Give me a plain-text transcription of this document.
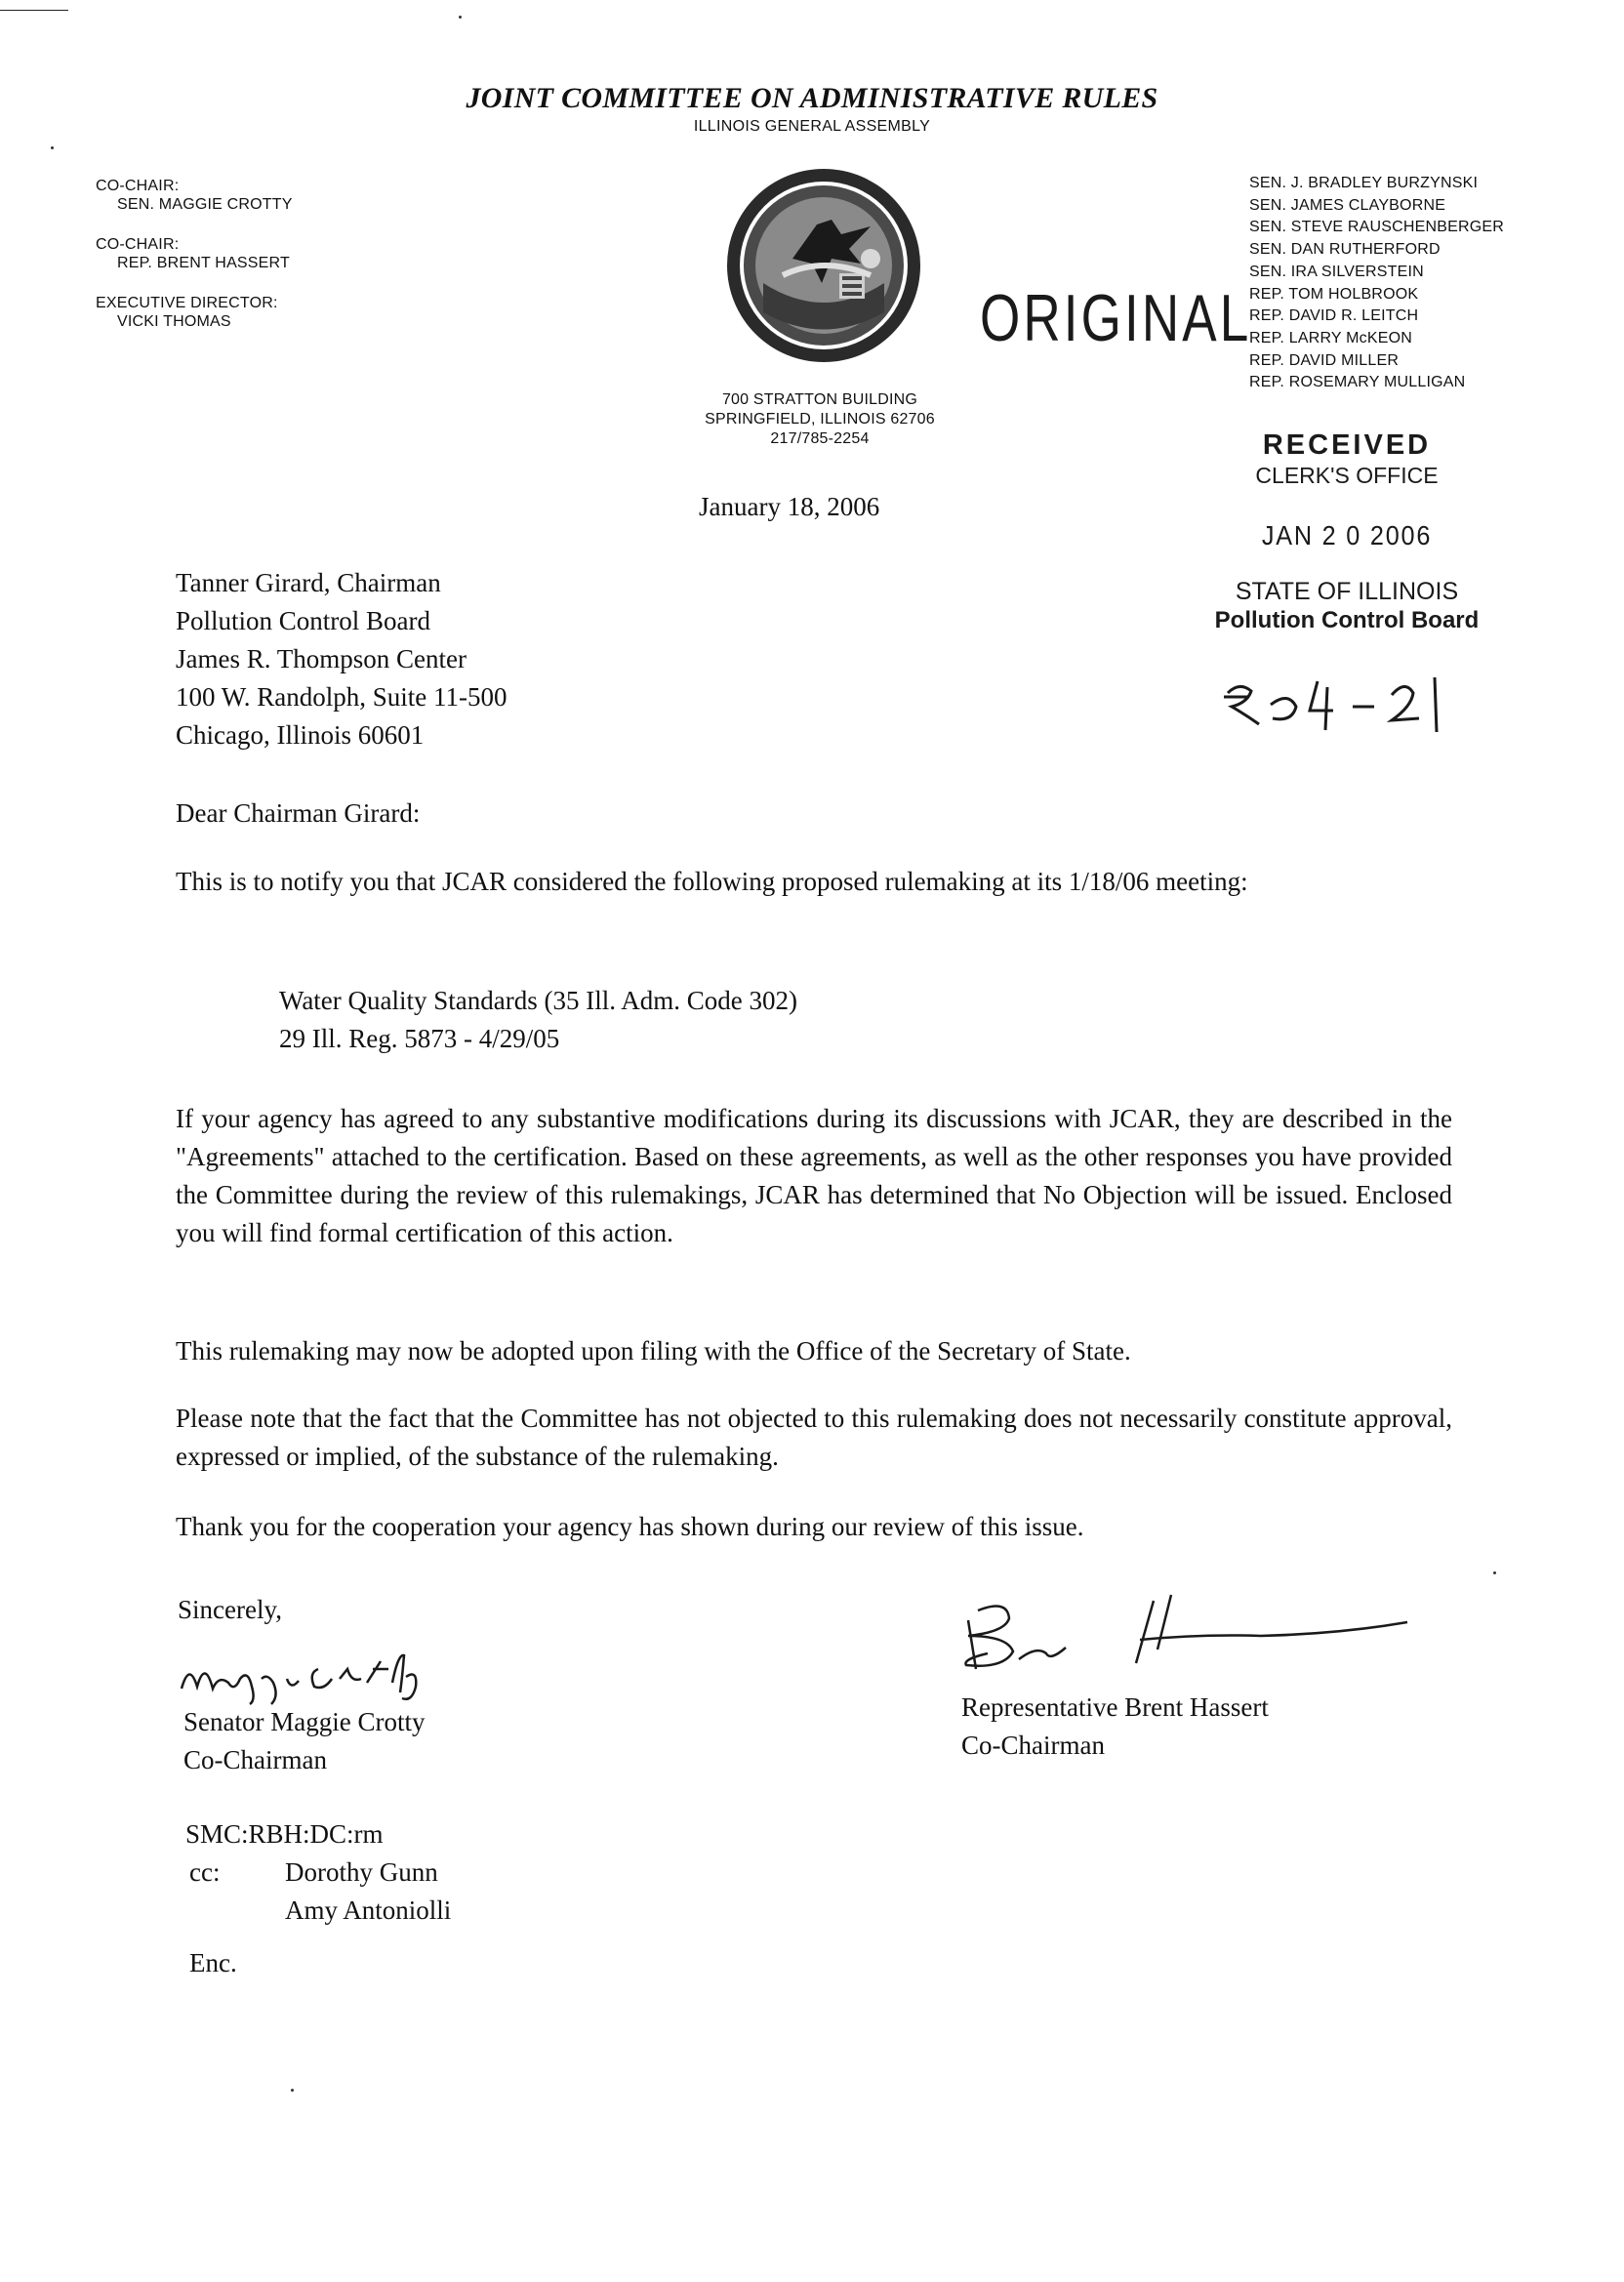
JOINT COMMITTEE ON ADMINISTRATIVE RULES
ILLINOIS GENERAL ASSEMBLY
CO-CHAIR:
SEN. MAGGIE CROTTY
CO-CHAIR:
REP. BRENT HASSERT
EXECUTIVE DIRECTOR:
VICKI THOMAS
SEN. J. BRADLEY BURZYNSKI
SEN. JAMES CLAYBORNE
SEN. STEVE RAUSCHENBERGER
SEN. DAN RUTHERFORD
SEN. IRA SILVERSTEIN
REP. TOM HOLBROOK
REP. DAVID R. LEITCH
REP. LARRY McKEON
REP. DAVID MILLER
REP. ROSEMARY MULLIGAN
700 STRATTON BUILDING
SPRINGFIELD, ILLINOIS 62706
217/785-2254
ORIGINAL
RECEIVED
CLERK'S OFFICE
JAN 2 0 2006
STATE OF ILLINOIS
Pollution Control Board
January 18, 2006
Tanner Girard, Chairman
Pollution Control Board
James R. Thompson Center
100 W. Randolph, Suite 11-500
Chicago, Illinois 60601
Dear Chairman Girard:
This is to notify you that JCAR considered the following proposed rulemaking at its 1/18/06 meeting:
Water Quality Standards (35 Ill. Adm. Code 302)
29 Ill. Reg. 5873 - 4/29/05
If your agency has agreed to any substantive modifications during its discussions with JCAR, they are described in the "Agreements" attached to the certification. Based on these agreements, as well as the other responses you have provided the Committee during the review of this rulemakings, JCAR has determined that No Objection will be issued. Enclosed you will find formal certification of this action.
This rulemaking may now be adopted upon filing with the Office of the Secretary of State.
Please note that the fact that the Committee has not objected to this rulemaking does not necessarily constitute approval, expressed or implied, of the substance of the rulemaking.
Thank you for the cooperation your agency has shown during our review of this issue.
Sincerely,
Senator Maggie Crotty
Co-Chairman
Representative Brent Hassert
Co-Chairman
SMC:RBH:DC:rm
cc: Dorothy Gunn
Amy Antoniolli
Enc.
